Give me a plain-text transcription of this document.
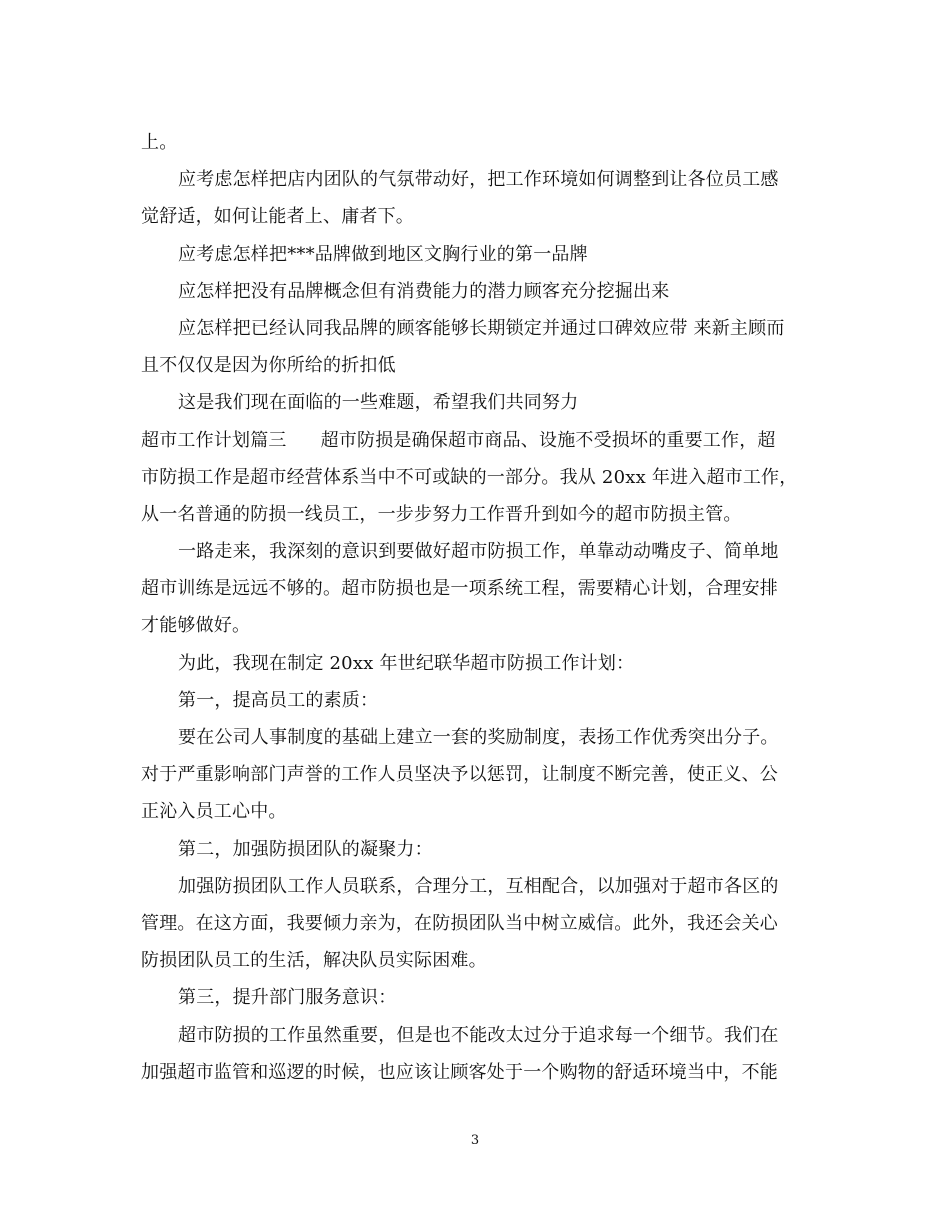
上。
应考虑怎样把店内团队的气氛带动好，把工作环境如何调整到让各位员工感
觉舒适，如何让能者上、庸者下。
应考虑怎样把***品牌做到地区文胸行业的第一品牌
应怎样把没有品牌概念但有消费能力的潜力顾客充分挖掘出来
应怎样把已经认同我品牌的顾客能够长期锁定并通过口碑效应带 来新主顾而
且不仅仅是因为你所给的折扣低
这是我们现在面临的一些难题，希望我们共同努力
超市工作计划篇三 超市防损是确保超市商品、设施不受损坏的重要工作，超
市防损工作是超市经营体系当中不可或缺的一部分。我从 20xx 年进入超市工作，
从一名普通的防损一线员工，一步步努力工作晋升到如今的超市防损主管。
一路走来，我深刻的意识到要做好超市防损工作，单靠动动嘴皮子、简单地
超市训练是远远不够的。超市防损也是一项系统工程，需要精心计划，合理安排
才能够做好。
为此，我现在制定 20xx 年世纪联华超市防损工作计划：
第一，提高员工的素质：
要在公司人事制度的基础上建立一套的奖励制度，表扬工作优秀突出分子。
对于严重影响部门声誉的工作人员坚决予以惩罚，让制度不断完善，使正义、公
正沁入员工心中。
第二，加强防损团队的凝聚力：
加强防损团队工作人员联系，合理分工，互相配合，以加强对于超市各区的
管理。在这方面，我要倾力亲为，在防损团队当中树立威信。此外，我还会关心
防损团队员工的生活，解决队员实际困难。
第三，提升部门服务意识：
超市防损的工作虽然重要，但是也不能改太过分于追求每一个细节。我们在
加强超市监管和巡逻的时候，也应该让顾客处于一个购物的舒适环境当中，不能
3
